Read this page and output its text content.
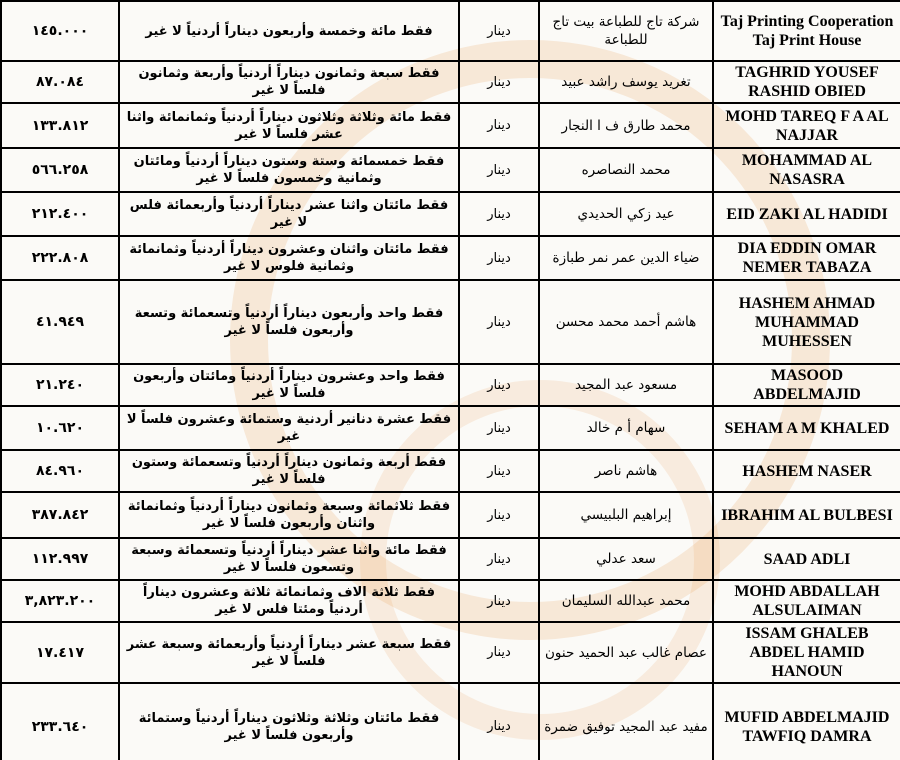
١٤٥.٠٠٠	فقط مائة وخمسة وأربعون ديناراً أردنياً لا غير	دينار	شركة تاج للطباعة بيت تاج للطباعة	Taj Printing Cooperation Taj Print House
٨٧.٠٨٤	فقط سبعة وثمانون ديناراً أردنياً وأربعة وثمانون فلساً لا غير	دينار	تغريد يوسف راشد عبيد	TAGHRID YOUSEF RASHID OBIED
١٣٣.٨١٢	فقط مائة وثلاثة وثلاثون ديناراً أردنياً وثمانمائة واثنا عشر فلساً لا غير	دينار	محمد طارق ف ا النجار	MOHD TAREQ F A AL NAJJAR
٥٦٦.٢٥٨	فقط خمسمائة وستة وستون ديناراً أردنياً ومائتان وثمانية وخمسون فلساً لا غير	دينار	محمد النصاصره	MOHAMMAD AL NASASRA
٢١٢.٤٠٠	فقط مائتان واثنا عشر ديناراً أردنياً وأربعمائة فلس لا غير	دينار	عيد زكي الحديدي	EID ZAKI AL HADIDI
٢٢٢.٨٠٨	فقط مائتان واثنان وعشرون ديناراً أردنياً وثمانمائة وثمانية فلوس لا غير	دينار	ضياء الدين عمر نمر طبازة	DIA EDDIN OMAR NEMER TABAZA
٤١.٩٤٩	فقط واحد وأربعون ديناراً أردنياً وتسعمائة وتسعة وأربعون فلساً لا غير	دينار	هاشم أحمد محمد محسن	HASHEM AHMAD MUHAMMAD MUHESSEN
٢١.٢٤٠	فقط واحد وعشرون ديناراً أردنياً ومائتان وأربعون فلساً لا غير	دينار	مسعود عبد المجيد	MASOOD ABDELMAJID
١٠.٦٢٠	فقط عشرة دنانير أردنية وستمائة وعشرون فلساً لا غير	دينار	سهام أ م خالد	SEHAM A M KHALED
٨٤.٩٦٠	فقط أربعة وثمانون ديناراً أردنياً وتسعمائة وستون فلساً لا غير	دينار	هاشم ناصر	HASHEM NASER
٣٨٧.٨٤٢	فقط ثلاثمائة وسبعة وثمانون ديناراً أردنياً وثمانمائة واثنان وأربعون فلساً لا غير	دينار	إبراهيم البلبيسي	IBRAHIM AL BULBESI
١١٢.٩٩٧	فقط مائة واثنا عشر ديناراً أردنياً وتسعمائة وسبعة وتسعون فلساً لا غير	دينار	سعد عدلي	SAAD ADLI
٣,٨٢٣.٢٠٠	فقط ثلاثة الاف وثمانمائة ثلاثة وعشرون ديناراً أردنياً ومئتا فلس لا غير	دينار	محمد عبدالله السليمان	MOHD ABDALLAH ALSULAIMAN
١٧.٤١٧	فقط سبعة عشر ديناراً أردنياً وأربعمائة وسبعة عشر فلساً لا غير	دينار	عصام غالب عبد الحميد حنون	ISSAM GHALEB ABDEL HAMID HANOUN
٢٣٣.٦٤٠	فقط مائتان وثلاثة وثلاثون ديناراً أردنياً وستمائة وأربعون فلساً لا غير	دينار	مفيد عبد المجيد توفيق ضمرة	MUFID ABDELMAJID TAWFIQ DAMRA
